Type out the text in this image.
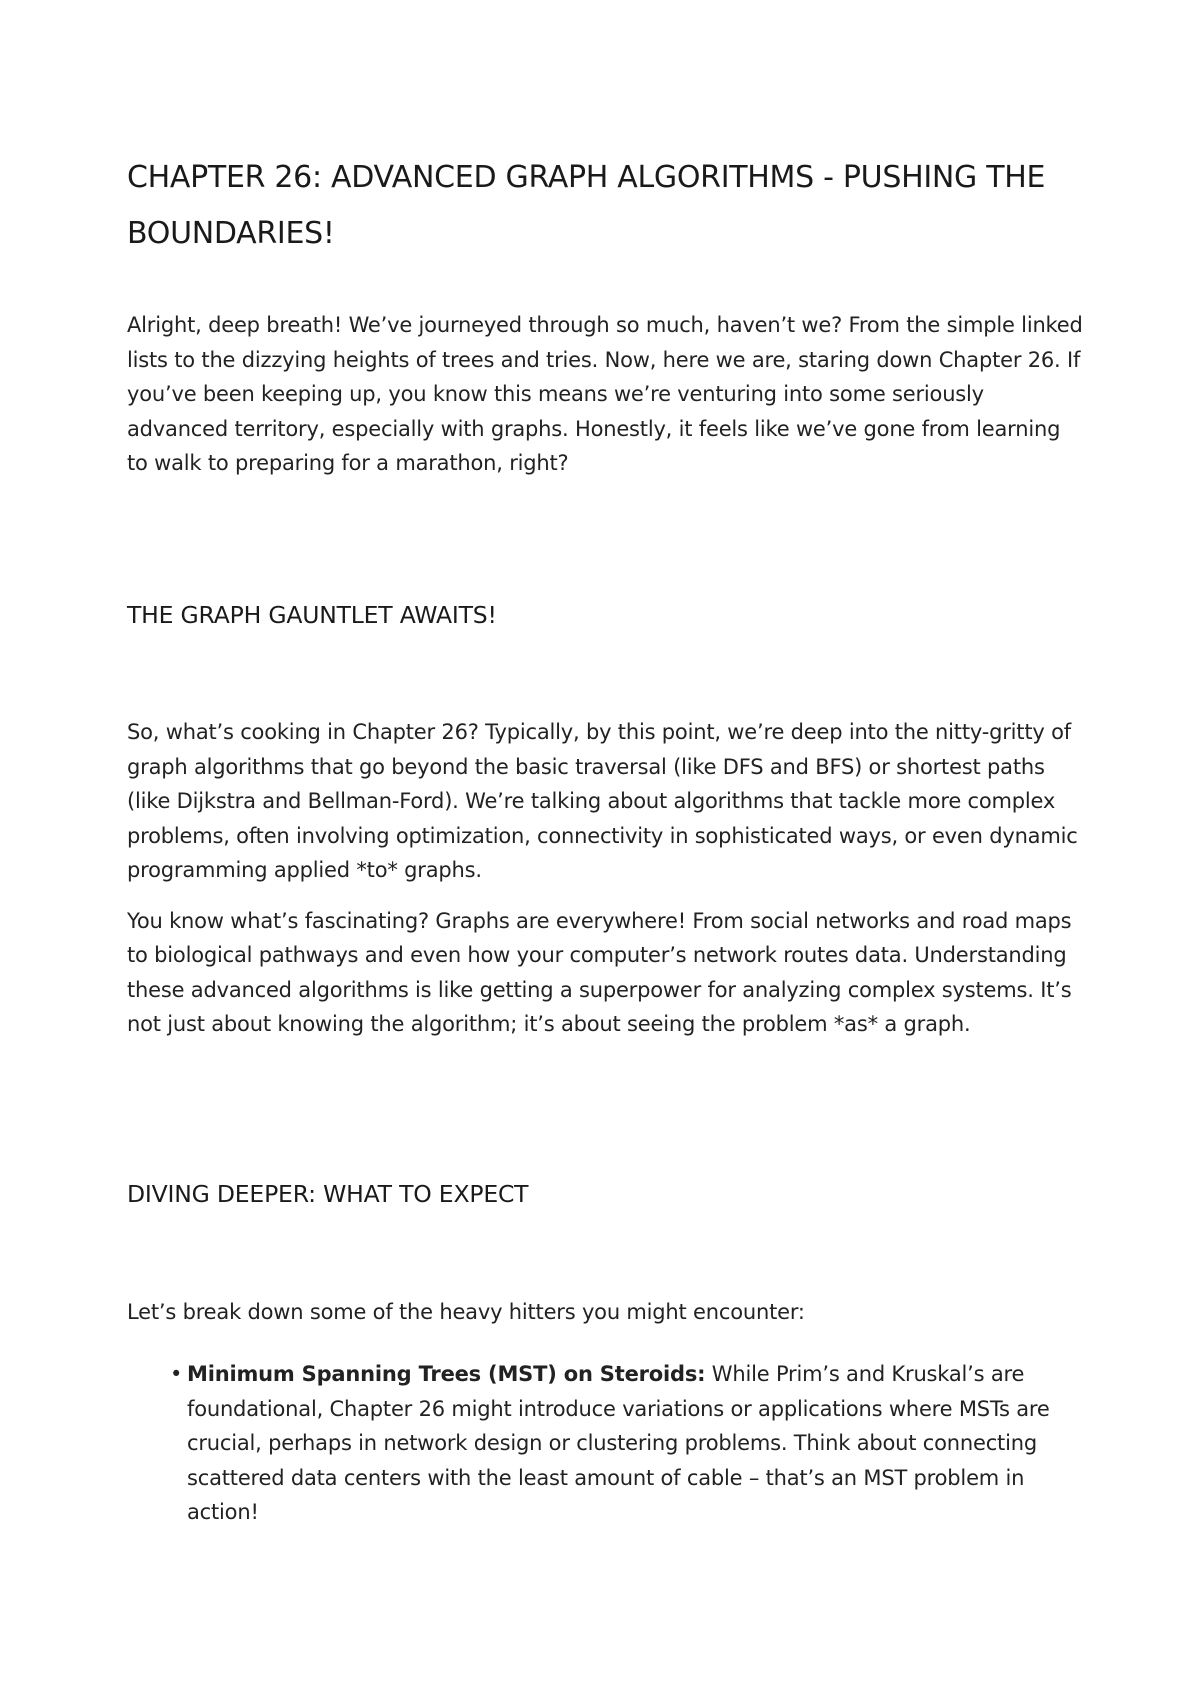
CHAPTER 26: ADVANCED GRAPH ALGORITHMS - PUSHING THE BOUNDARIES!

Alright, deep breath! We’ve journeyed through so much, haven’t we? From the simple linked lists to the dizzying heights of trees and tries. Now, here we are, staring down Chapter 26. If you’ve been keeping up, you know this means we’re venturing into some seriously advanced territory, especially with graphs. Honestly, it feels like we’ve gone from learning to walk to preparing for a marathon, right?

THE GRAPH GAUNTLET AWAITS!

So, what’s cooking in Chapter 26? Typically, by this point, we’re deep into the nitty-gritty of graph algorithms that go beyond the basic traversal (like DFS and BFS) or shortest paths (like Dijkstra and Bellman-Ford). We’re talking about algorithms that tackle more complex problems, often involving optimization, connectivity in sophisticated ways, or even dynamic programming applied *to* graphs.

You know what’s fascinating? Graphs are everywhere! From social networks and road maps to biological pathways and even how your computer’s network routes data. Understanding these advanced algorithms is like getting a superpower for analyzing complex systems. It’s not just about knowing the algorithm; it’s about seeing the problem *as* a graph.

DIVING DEEPER: WHAT TO EXPECT

Let’s break down some of the heavy hitters you might encounter:

• Minimum Spanning Trees (MST) on Steroids: While Prim’s and Kruskal’s are foundational, Chapter 26 might introduce variations or applications where MSTs are crucial, perhaps in network design or clustering problems. Think about connecting scattered data centers with the least amount of cable – that’s an MST problem in action!
